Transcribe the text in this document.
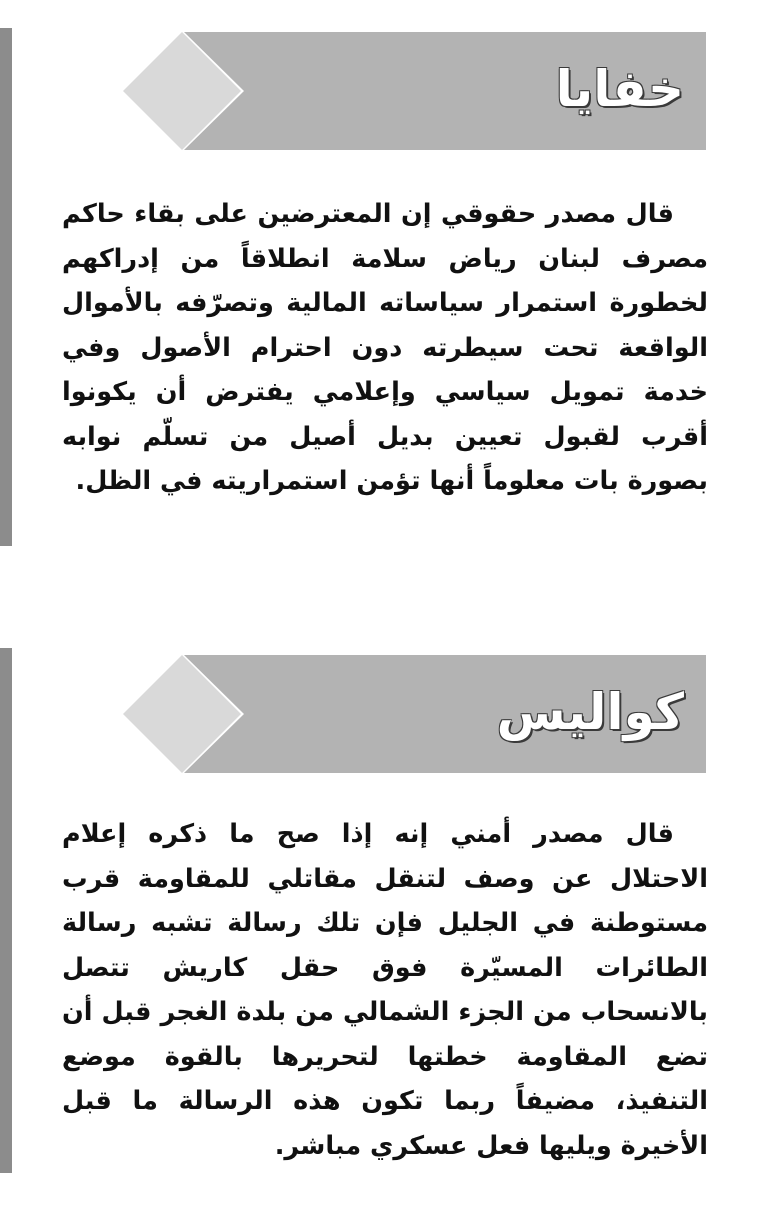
خفايا

قال مصدر حقوقي إن المعترضين على بقاء حاكم مصرف لبنان رياض سلامة انطلاقاً من إدراكهم لخطورة استمرار سياساته المالية وتصرّفه بالأموال الواقعة تحت سيطرته دون احترام الأصول وفي خدمة تمويل سياسي وإعلامي يفترض أن يكونوا أقرب لقبول تعيين بديل أصيل من تسلّم نوابه بصورة بات معلوماً أنها تؤمن استمراريته في الظل.

كواليس

قال مصدر أمني إنه إذا صح ما ذكره إعلام الاحتلال عن وصف لتنقل مقاتلي للمقاومة قرب مستوطنة في الجليل فإن تلك رسالة تشبه رسالة الطائرات المسيّرة فوق حقل كاريش تتصل بالانسحاب من الجزء الشمالي من بلدة الغجر قبل أن تضع المقاومة خطتها لتحريرها بالقوة موضع التنفيذ، مضيفاً ربما تكون هذه الرسالة ما قبل الأخيرة ويليها فعل عسكري مباشر.
